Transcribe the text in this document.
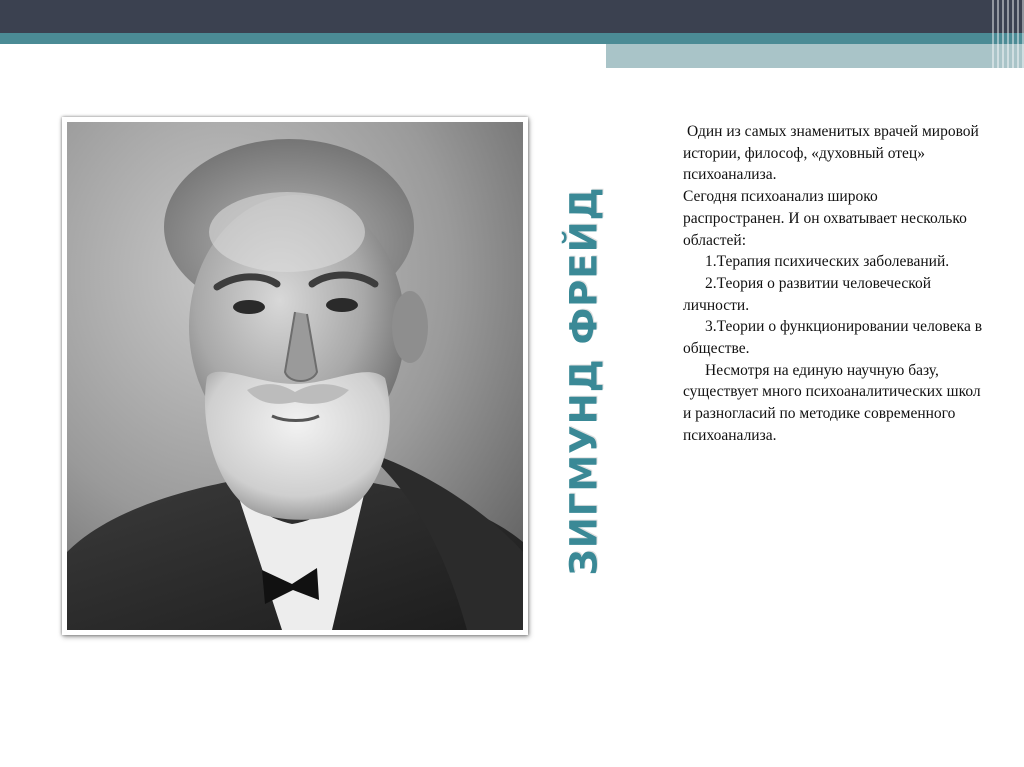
ЗИГМУНД ФРЕЙД

Один из самых знаменитых врачей мировой истории, философ, «духовный отец» психоанализа.

Сегодня психоанализ широко распространен. И он охватывает несколько областей:

1.Терапия психических заболеваний.

2.Теория о развитии человеческой личности.

3.Теории о функционировании человека в обществе.

Несмотря на единую научную базу, существует много психоаналитических школ и разногласий по методике современного психоанализа.
